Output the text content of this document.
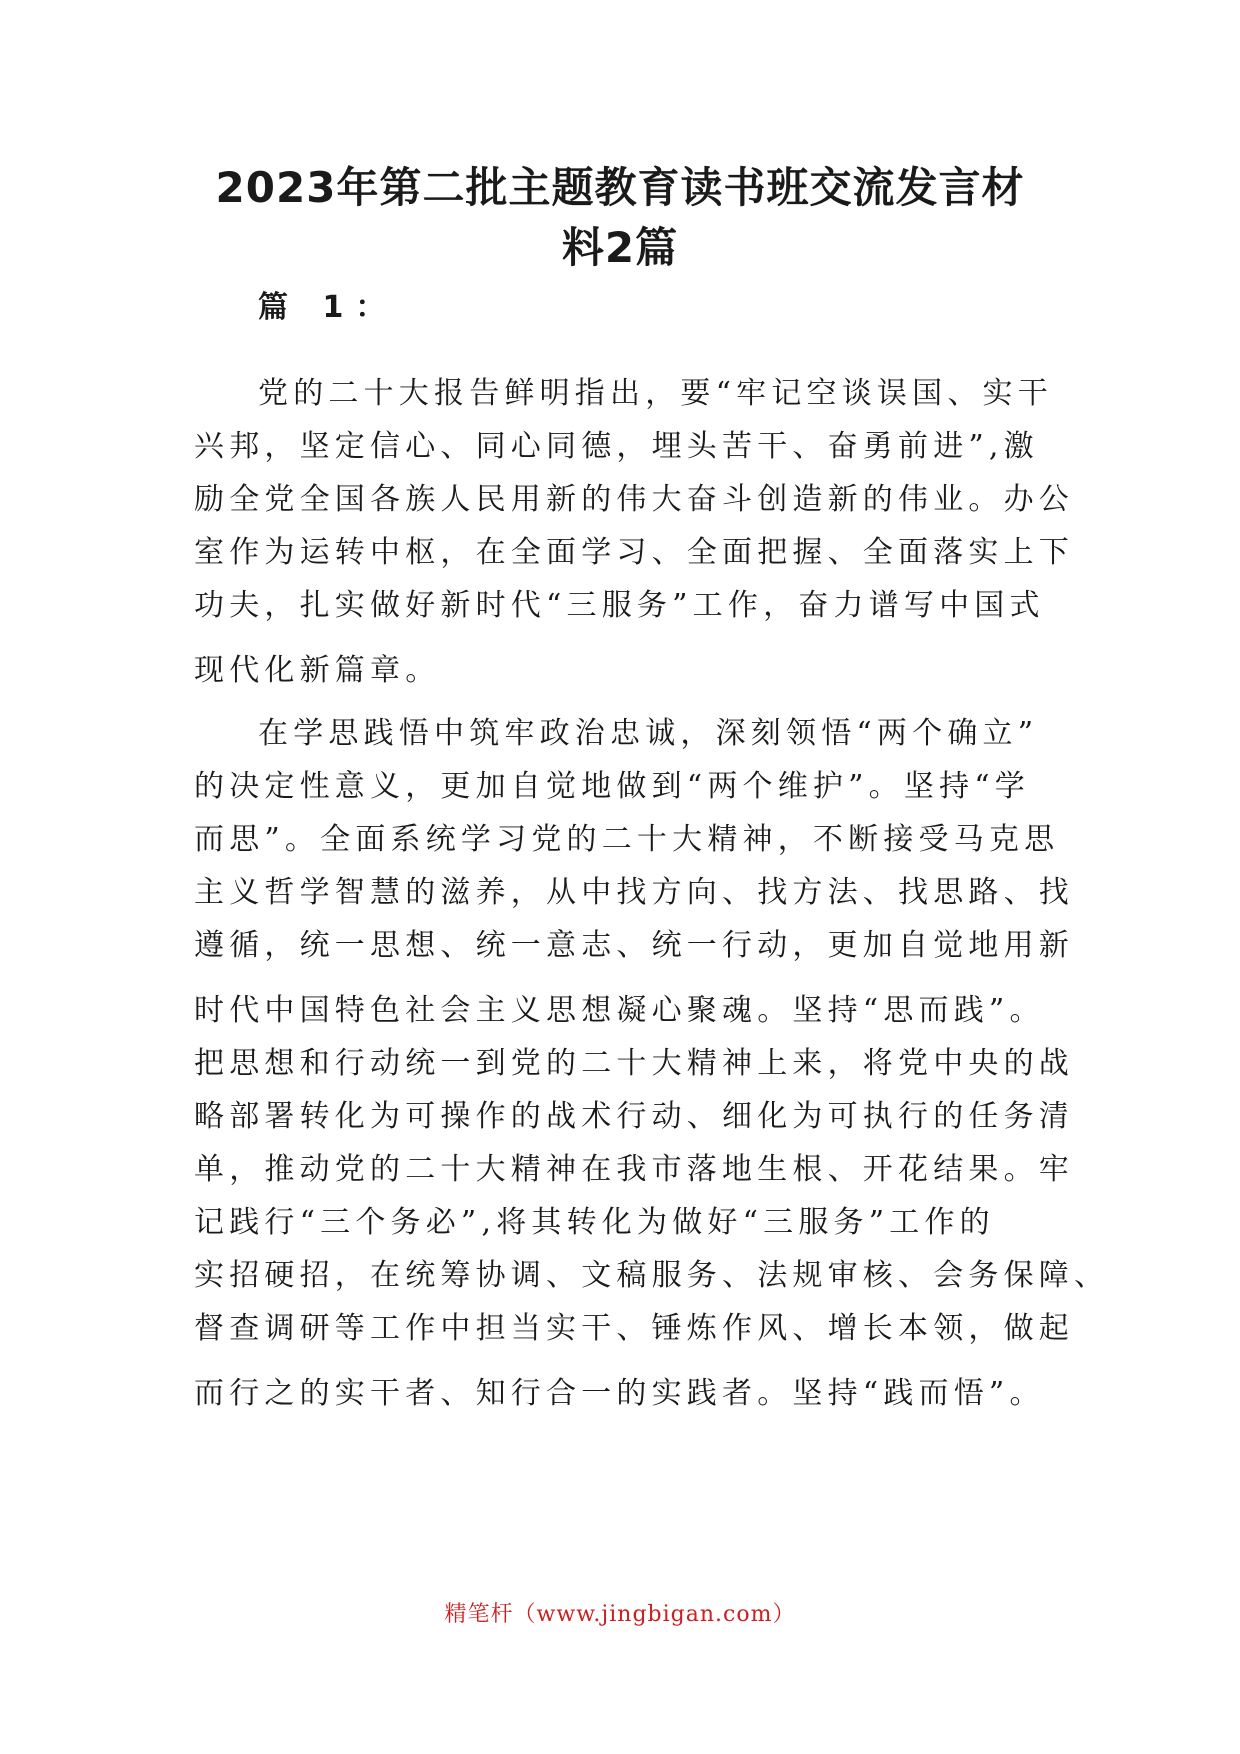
2023年第二批主题教育读书班交流发言材
料2篇
篇 1：
党的二十大报告鲜明指出，要“牢记空谈误国、实干
兴邦，坚定信心、同心同德，埋头苦干、奋勇前进”,激
励全党全国各族人民用新的伟大奋斗创造新的伟业。办公
室作为运转中枢，在全面学习、全面把握、全面落实上下
功夫，扎实做好新时代“三服务”工作，奋力谱写中国式
现代化新篇章。
在学思践悟中筑牢政治忠诚，深刻领悟“两个确立”
的决定性意义，更加自觉地做到“两个维护”。坚持“学
而思”。全面系统学习党的二十大精神，不断接受马克思
主义哲学智慧的滋养，从中找方向、找方法、找思路、找
遵循，统一思想、统一意志、统一行动，更加自觉地用新
时代中国特色社会主义思想凝心聚魂。坚持“思而践”。
把思想和行动统一到党的二十大精神上来，将党中央的战
略部署转化为可操作的战术行动、细化为可执行的任务清
单，推动党的二十大精神在我市落地生根、开花结果。牢
记践行“三个务必”,将其转化为做好“三服务”工作的
实招硬招，在统筹协调、文稿服务、法规审核、会务保障、
督查调研等工作中担当实干、锤炼作风、增长本领，做起
而行之的实干者、知行合一的实践者。坚持“践而悟”。
精笔杆（www.jingbigan.com）
